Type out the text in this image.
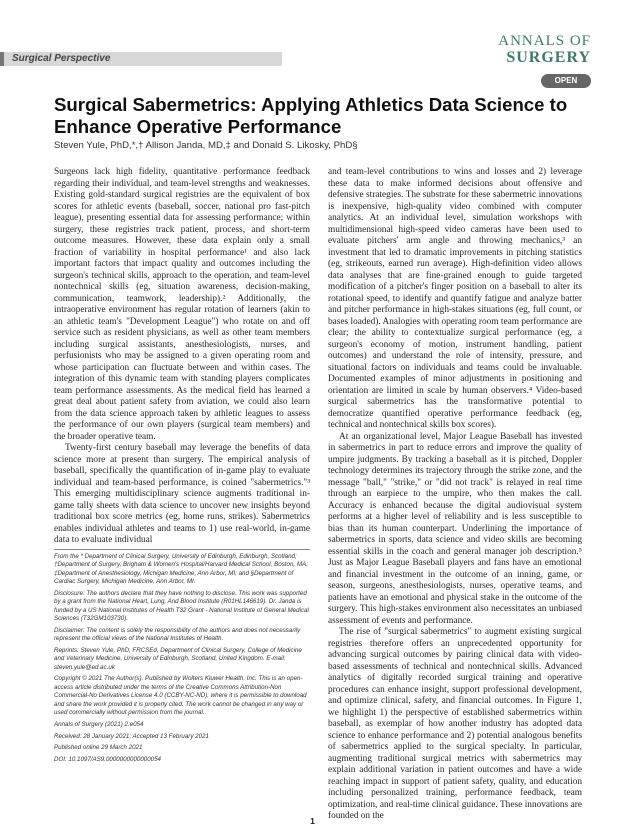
Surgical Perspective
ANNALS OF
SURGERY
OPEN
Surgical Sabermetrics: Applying Athletics Data Science to Enhance Operative Performance
Steven Yule, PhD,*,† Allison Janda, MD,‡ and Donald S. Likosky, PhD§

Surgeons lack high fidelity, quantitative performance feedback regarding their individual, and team-level strengths and weaknesses. Existing gold-standard surgical registries are the equivalent of box scores for athletic events (baseball, soccer, national pro fast-pitch league), presenting essential data for assessing performance; within surgery, these registries track patient, process, and short-term outcome measures. However, these data explain only a small fraction of variability in hospital performance¹ and also lack important factors that impact quality and outcomes including the surgeon's technical skills, approach to the operation, and team-level nontechnical skills (eg, situation awareness, decision-making, communication, teamwork, leadership).² Additionally, the intraoperative environment has regular rotation of learners (akin to an athletic team's "Development League") who rotate on and off service such as resident physicians, as well as other team members including surgical assistants, anesthesiologists, nurses, and perfusionists who may be assigned to a given operating room and whose participation can fluctuate between and within cases. The integration of this dynamic team with standing players complicates team performance assessments. As the medical field has learned a great deal about patient safety from aviation, we could also learn from the data science approach taken by athletic leagues to assess the performance of our own players (surgical team members) and the broader operative team.

Twenty-first century baseball may leverage the benefits of data science more at present than surgery. The empirical analysis of baseball, specifically the quantification of in-game play to evaluate individual and team-based performance, is coined "sabermetrics."³ This emerging multidisciplinary science augments traditional in-game tally sheets with data science to uncover new insights beyond traditional box score metrics (eg, home runs, strikes). Sabermetrics enables individual athletes and teams to 1) use real-world, in-game data to evaluate individual

and team-level contributions to wins and losses and 2) leverage these data to make informed decisions about offensive and defensive strategies. The substrate for these sabermetric innovations is inexpensive, high-quality video combined with computer analytics. At an individual level, simulation workshops with multidimensional high-speed video cameras have been used to evaluate pitchers' arm angle and throwing mechanics,³ an investment that led to dramatic improvements in pitching statistics (eg, strikeouts, earned run average). High-definition video allows data analyses that are fine-grained enough to guide targeted modification of a pitcher's finger position on a baseball to alter its rotational speed, to identify and quantify fatigue and analyze batter and pitcher performance in high-stakes situations (eg, full count, or bases loaded). Analogies with operating room team performance are clear; the ability to contextualize surgical performance (eg, a surgeon's economy of motion, instrument handling, patient outcomes) and understand the role of intensity, pressure, and situational factors on individuals and teams could be invaluable. Documented examples of minor adjustments in positioning and orientation are limited in scale by human observers.⁴ Video-based surgical sabermetrics has the transformative potential to democratize quantified operative performance feedback (eg, technical and nontechnical skills box scores).

At an organizational level, Major League Baseball has invested in sabermetrics in part to reduce errors and improve the quality of umpire judgments. By tracking a baseball as it is pitched, Doppler technology determines its trajectory through the strike zone, and the message "ball," "strike," or "did not track" is relayed in real time through an earpiece to the umpire, who then makes the call. Accuracy is enhanced because the digital audiovisual system performs at a higher level of reliability and is less susceptible to bias than its human counterpart. Underlining the importance of sabermetrics in sports, data science and video skills are becoming essential skills in the coach and general manager job description.⁵ Just as Major League Baseball players and fans have an emotional and financial investment in the outcome of an inning, game, or season, surgeons, anesthesiologists, nurses, operative teams, and patients have an emotional and physical stake in the outcome of the surgery. This high-stakes environment also necessitates an unbiased assessment of events and performance.

The rise of "surgical sabermetrics" to augment existing surgical registries therefore offers an unprecedented opportunity for advancing surgical outcomes by pairing clinical data with video-based assessments of technical and nontechnical skills. Advanced analytics of digitally recorded surgical training and operative procedures can enhance insight, support professional development, and optimize clinical, safety, and financial outcomes. In Figure 1, we highlight 1) the perspective of established sabermetrics within baseball, as exemplar of how another industry has adopted data science to enhance performance and 2) potential analogous benefits of sabermetrics applied to the surgical specialty. In particular, augmenting traditional surgical metrics with sabermetrics may explain additional variation in patient outcomes and have a wide reaching impact in support of patient safety, quality, and education including personalized training, performance feedback, team optimization, and real-time clinical guidance. These innovations are founded on the

From the * Department of Clinical Surgery, University of Edinburgh, Edinburgh, Scotland; †Department of Surgery, Brigham & Women's Hospital/Harvard Medical School, Boston, MA; ‡Department of Anesthesiology, Michigan Medicine, Ann Arbor, MI; and §Department of Cardiac Surgery, Michigan Medicine, Ann Arbor, MI.

Disclosure: The authors declare that they have nothing to disclose. This work was supported by a grant from the National Heart, Lung, And Blood Institute (R01HL146619). Dr. Janda is funded by a US National Institutes of Health T32 Grant - National Institute of General Medical Sciences (T32GM103730).

Disclaimer: The content is solely the responsibility of the authors and does not necessarily represent the official views of the National Institutes of Health.

Reprints: Steven Yule, PhD, FRCSEd, Department of Clinical Surgery, College of Medicine and Veterinary Medicine, University of Edinburgh, Scotland, United Kingdom. E-mail: steven.yule@ed.ac.uk

Copyright © 2021 The Author(s). Published by Wolters Kluwer Health, Inc. This is an open-access article distributed under the terms of the Creative Commons Attribution-Non Commercial-No Derivatives License 4.0 (CCBY-NC-ND), where it is permissible to download and share the work provided it is properly cited. The work cannot be changed in any way or used commercially without permission from the journal.

Annals of Surgery (2021) 2:e054

Received: 28 January 2021; Accepted 13 February 2021

Published online 29 March 2021

DOI: 10.1097/AS9.0000000000000054

1
